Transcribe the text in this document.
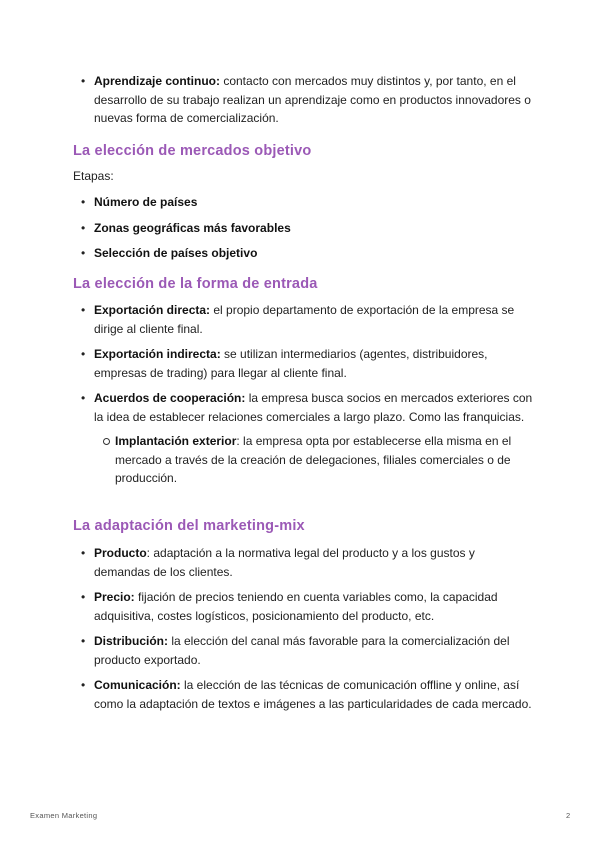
• Aprendizaje continuo: contacto con mercados muy distintos y, por tanto, en el desarrollo de su trabajo realizan un aprendizaje como en productos innovadores o nuevas forma de comercialización.
La elección de mercados objetivo

Etapas:

• Número de países
• Zonas geográficas más favorables
• Selección de países objetivo
La elección de la forma de entrada
• Exportación directa: el propio departamento de exportación de la empresa se dirige al cliente final.
• Exportación indirecta: se utilizan intermediarios (agentes, distribuidores, empresas de trading) para llegar al cliente final.
• Acuerdos de cooperación: la empresa busca socios en mercados exteriores con la idea de establecer relaciones comerciales a largo plazo. Como las franquicias.
Implantación exterior: la empresa opta por establecerse ella misma en el mercado a través de la creación de delegaciones, filiales comerciales o de producción.
La adaptación del marketing-mix
• Producto: adaptación a la normativa legal del producto y a los gustos y demandas de los clientes.
• Precio: fijación de precios teniendo en cuenta variables como, la capacidad adquisitiva, costes logísticos, posicionamiento del producto, etc.
• Distribución: la elección del canal más favorable para la comercialización del producto exportado.
• Comunicación: la elección de las técnicas de comunicación offline y online, así como la adaptación de textos e imágenes a las particularidades de cada mercado.
Examen Marketing	2
